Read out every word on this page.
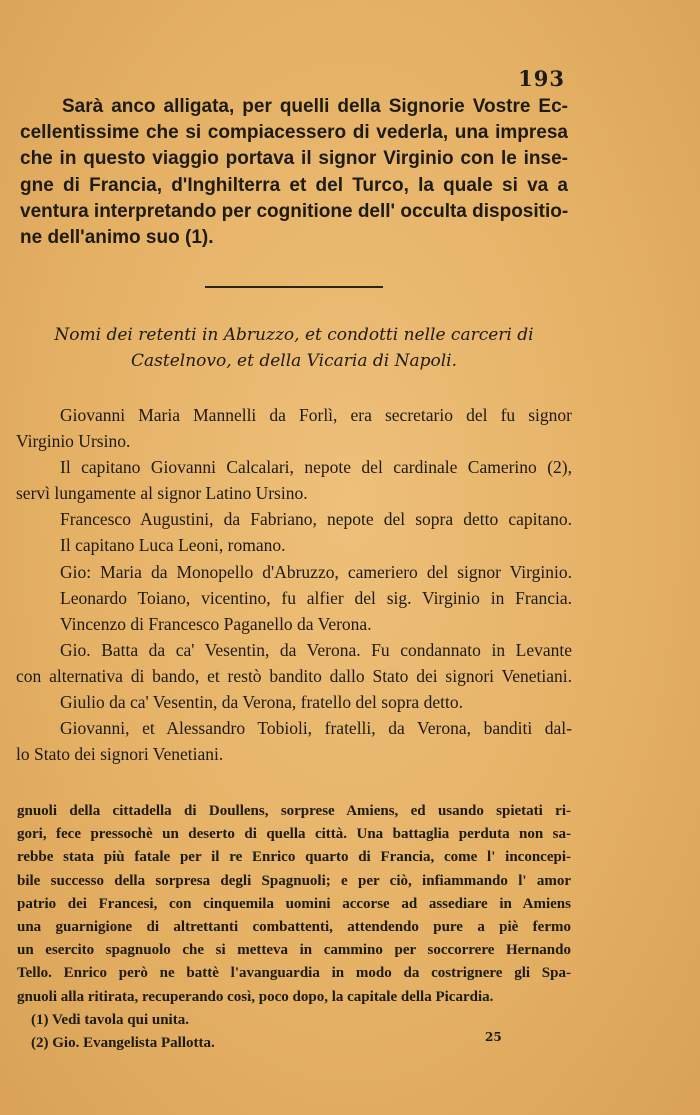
193
Sarà anco alligata, per quelli della Signorie Vostre Ec-
cellentissime che si compiacessero di vederla, una impresa
che in questo viaggio portava il signor Virginio con le inse-
gne di Francia, d'Inghilterra et del Turco, la quale si va a
ventura interpretando per cognitione dell' occulta dispositio-
ne dell'animo suo (1).
Nomi dei retenti in Abruzzo, et condotti nelle carceri di
Castelnovo, et della Vicaria di Napoli.
Giovanni Maria Mannelli da Forlì, era secretario del fu signor
Virginio Ursino.
Il capitano Giovanni Calcalari, nepote del cardinale Camerino (2),
servì lungamente al signor Latino Ursino.
Francesco Augustini, da Fabriano, nepote del sopra detto capitano.
Il capitano Luca Leoni, romano.
Gio: Maria da Monopello d'Abruzzo, cameriero del signor Virginio.
Leonardo Toiano, vicentino, fu alfier del sig. Virginio in Francia.
Vincenzo di Francesco Paganello da Verona.
Gio. Batta da ca' Vesentin, da Verona. Fu condannato in Levante
con alternativa di bando, et restò bandito dallo Stato dei signori Venetiani.
Giulio da ca' Vesentin, da Verona, fratello del sopra detto.
Giovanni, et Alessandro Tobioli, fratelli, da Verona, banditi dal-
lo Stato dei signori Venetiani.
gnuoli della cittadella di Doullens, sorprese Amiens, ed usando spietati ri-
gori, fece pressochè un deserto di quella città. Una battaglia perduta non sa-
rebbe stata più fatale per il re Enrico quarto di Francia, come l' inconcepi-
bile successo della sorpresa degli Spagnuoli; e per ciò, infiammando l' amor
patrio dei Francesi, con cinquemila uomini accorse ad assediare in Amiens
una guarnigione di altrettanti combattenti, attendendo pure a piè fermo
un esercito spagnuolo che si metteva in cammino per soccorrere Hernando
Tello. Enrico però ne battè l'avanguardia in modo da costrignere gli Spa-
gnuoli alla ritirata, recuperando così, poco dopo, la capitale della Picardia.
(1) Vedi tavola qui unita.
(2) Gio. Evangelista Pallotta.	25
